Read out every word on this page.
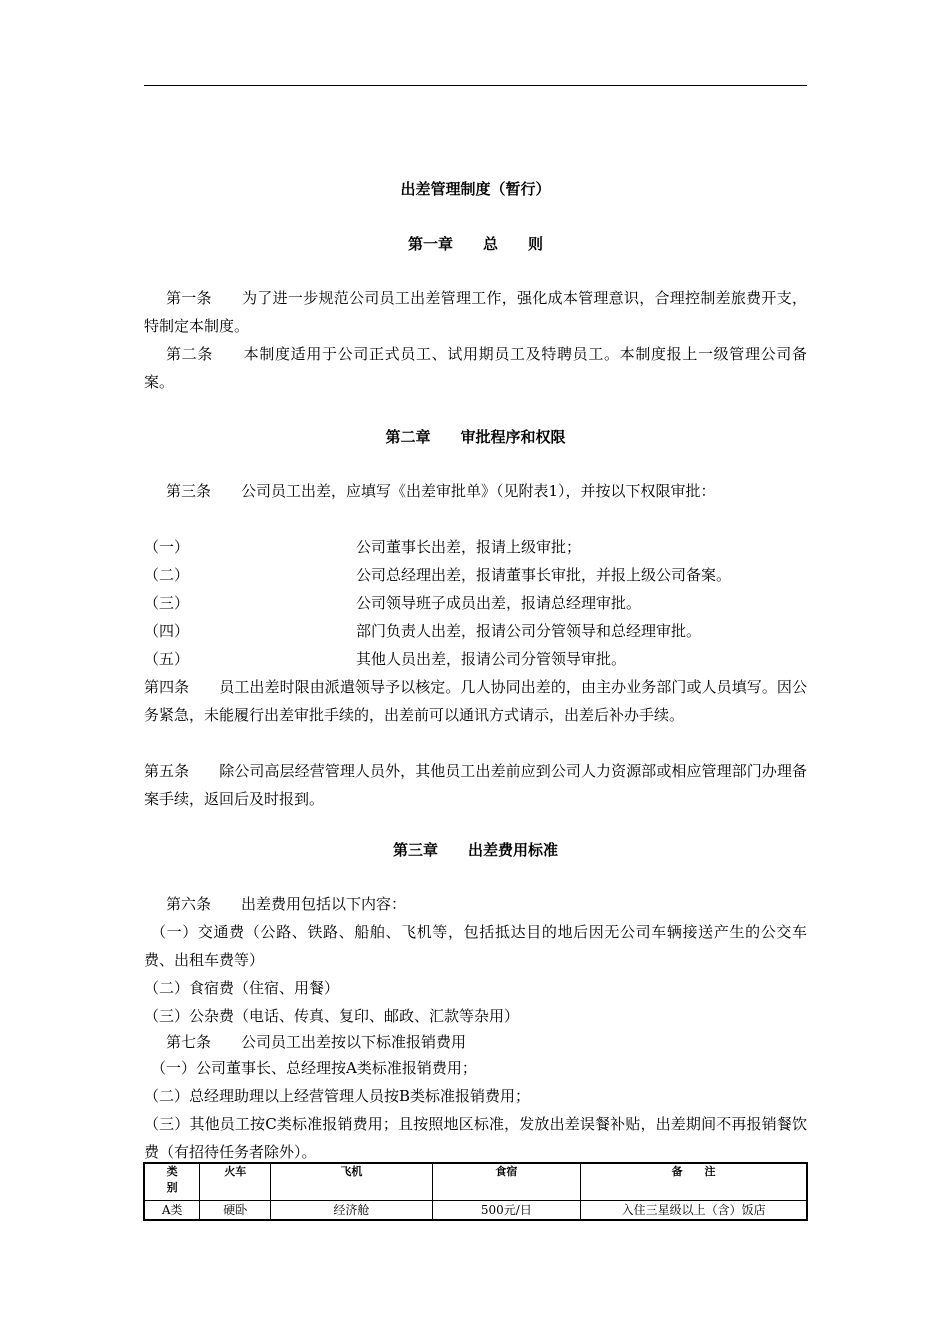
出差管理制度（暂行）
第一章　　总　　则
第一条 为了进一步规范公司员工出差管理工作，强化成本管理意识，合理控制差旅费开支，特制定本制度。
第二条 本制度适用于公司正式员工、试用期员工及特聘员工。本制度报上一级管理公司备案。
第二章　　审批程序和权限
第三条 公司员工出差，应填写《出差审批单》（见附表1），并按以下权限审批：
（一）	公司董事长出差，报请上级审批；
（二）	公司总经理出差，报请董事长审批，并报上级公司备案。
（三）	公司领导班子成员出差，报请总经理审批。
（四）	部门负责人出差，报请公司分管领导和总经理审批。
（五）	其他人员出差，报请公司分管领导审批。
第四条 员工出差时限由派遣领导予以核定。几人协同出差的，由主办业务部门或人员填写。因公务紧急，未能履行出差审批手续的，出差前可以通讯方式请示，出差后补办手续。
第五条 除公司高层经营管理人员外，其他员工出差前应到公司人力资源部或相应管理部门办理备案手续，返回后及时报到。
第三章　　出差费用标准
第六条 出差费用包括以下内容：
（一）交通费（公路、铁路、船舶、飞机等，包括抵达目的地后因无公司车辆接送产生的公交车费、出租车费等）
（二）食宿费（住宿、用餐）
（三）公杂费（电话、传真、复印、邮政、汇款等杂用）
第七条 公司员工出差按以下标准报销费用
（一）公司董事长、总经理按A类标准报销费用；
（二）总经理助理以上经营管理人员按B类标准报销费用；
（三）其他员工按C类标准报销费用；且按照地区标准，发放出差误餐补贴，出差期间不再报销餐饮费（有招待任务者除外）。
类别	火车	飞机	食宿	备　　注
A类	硬卧	经济舱	500元/日	入住三星级以上（含）饭店
